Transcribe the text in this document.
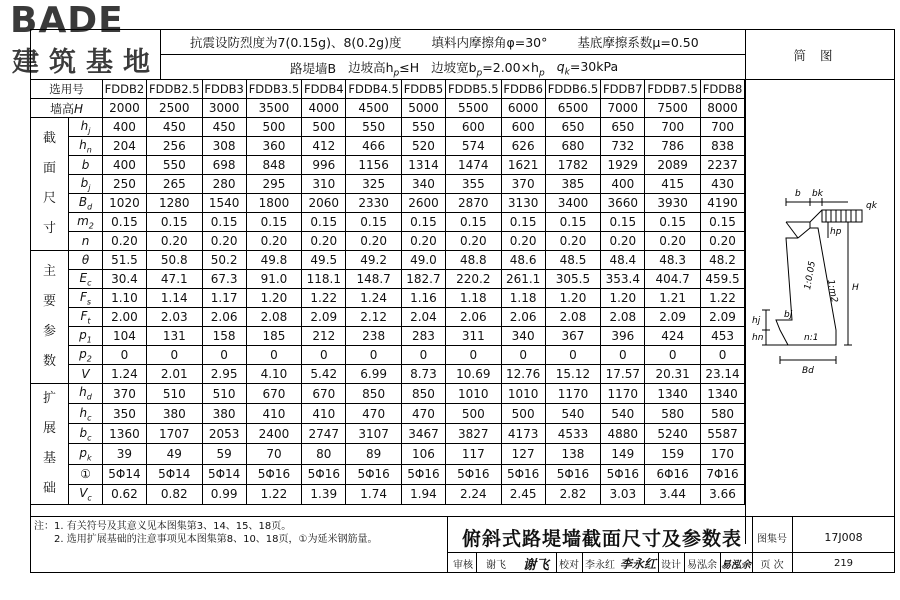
BADE
建筑基地
抗震设防烈度为7(0.15g)、8(0.2g)度 填料内摩擦角φ=30° 基底摩擦系数μ=0.50
路堤墙B 边坡高$h_p\le H$ 边坡宽$b_p=2.00\times h_p$ $q_k=30kPa$
简图
选用号		FDDB2	FDDB2.5	FDDB3	FDDB3.5	FDDB4	FDDB4.5	FDDB5	FDDB5.5	FDDB6	FDDB6.5	FDDB7	FDDB7.5	FDDB8
墙高H		2000	2500	3000	3500	4000	4500	5000	5500	6000	6500	7000	7500	8000
截面尺寸	$h_j$	400	450	450	500	500	550	550	600	600	650	650	700	700
	$h_n$	204	256	308	360	412	466	520	574	626	680	732	786	838
	b	400	550	698	848	996	1156	1314	1474	1621	1782	1929	2089	2237
	$b_j$	250	265	280	295	310	325	340	355	370	385	400	415	430
	$B_d$	1020	1280	1540	1800	2060	2330	2600	2870	3130	3400	3660	3930	4190
	$m_2$	0.15	0.15	0.15	0.15	0.15	0.15	0.15	0.15	0.15	0.15	0.15	0.15	0.15
	n	0.20	0.20	0.20	0.20	0.20	0.20	0.20	0.20	0.20	0.20	0.20	0.20	0.20
主要参数	θ	51.5	50.8	50.2	49.8	49.5	49.2	49.0	48.8	48.6	48.5	48.4	48.3	48.2
	$E_c$	30.4	47.1	67.3	91.0	118.1	148.7	182.7	220.2	261.1	305.5	353.4	404.7	459.5
	$F_s$	1.10	1.14	1.17	1.20	1.22	1.24	1.16	1.18	1.18	1.20	1.20	1.21	1.22
	$F_t$	2.00	2.03	2.06	2.08	2.09	2.12	2.04	2.06	2.06	2.08	2.08	2.09	2.09
	$p_1$	104	131	158	185	212	238	283	311	340	367	396	424	453
	$p_2$	0	0	0	0	0	0	0	0	0	0	0	0	0
	V	1.24	2.01	2.95	4.10	5.42	6.99	8.73	10.69	12.76	15.12	17.57	20.31	23.14
扩展基础	$h_d$	370	510	510	670	670	850	850	1010	1010	1170	1170	1340	1340
	$h_c$	350	380	380	410	410	470	470	500	500	540	540	580	580
	$b_c$	1360	1707	2053	2400	2747	3107	3467	3827	4173	4533	4880	5240	5587
	$p_k$	39	49	59	70	80	89	106	117	127	138	149	159	170
	①	5Φ14	5Φ14	5Φ14	5Φ16	5Φ16	5Φ16	5Φ16	5Φ16	5Φ16	5Φ16	5Φ16	6Φ16	7Φ16
	$V_c$	0.62	0.82	0.99	1.22	1.39	1.74	1.94	2.24	2.45	2.82	3.03	3.44	3.66
b bk
qk
hp
1:0.05
1:m2 H
bj
hj
hn	n:1
Bd
注：1. 有关符号及其意义见本图集第3、14、15、18页。
2. 选用扩展基础的注意事项见本图集第8、10、18页，①为延米钢筋量。	俯斜式路堤墙截面尺寸及参数表	图集号	17J008
审核	谢飞	谢飞	校对 李永红 李永红 设计 易泓余 易泓余 页 次	219
